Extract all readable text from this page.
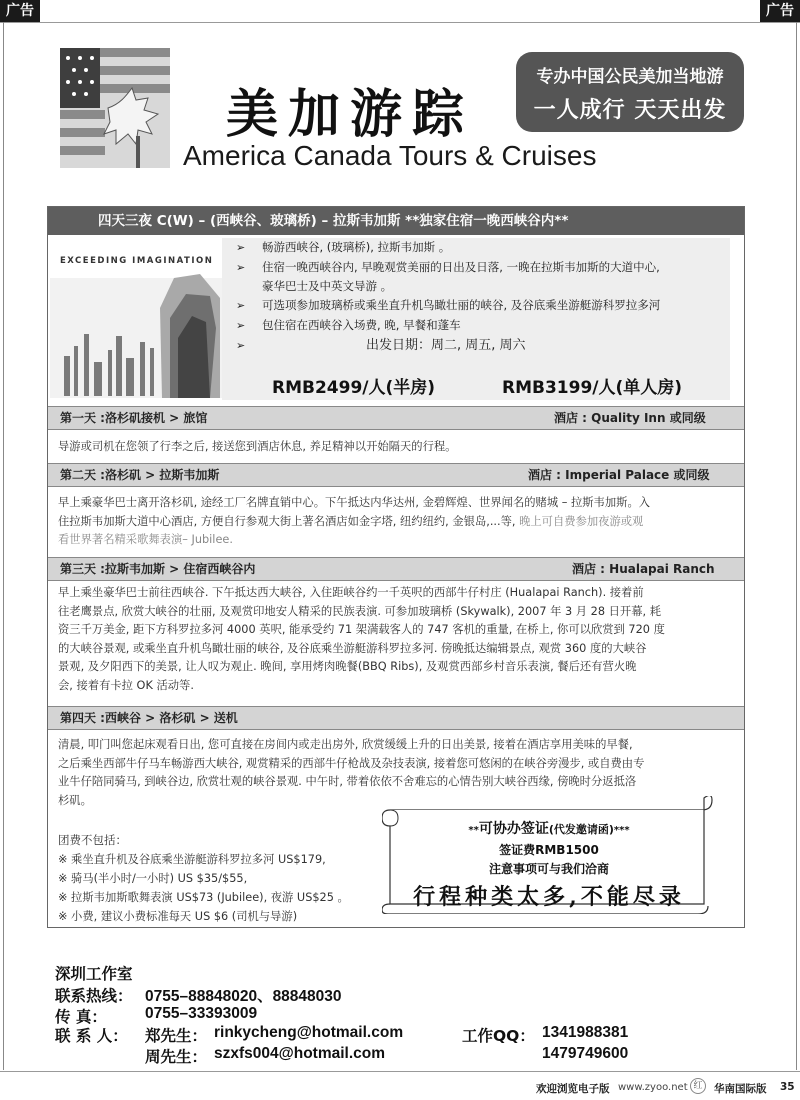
广告	广告
美加游踪
专办中国公民美加当地游
一人成行 天天出发
America Canada Tours & Cruises
四天三夜 C(W) – (西峡谷、玻璃桥) – 拉斯韦加斯 **独家住宿一晚西峡谷内**
EXCEEDING IMAGINATION
➢ 畅游西峡谷, (玻璃桥), 拉斯韦加斯 。
➢ 住宿一晚西峡谷内, 早晚观赏美丽的日出及日落, 一晚在拉斯韦加斯的大道中心,
豪华巴士及中英文导游 。
➢ 可选项参加玻璃桥或乘坐直升机鸟瞰壮丽的峡谷, 及谷底乘坐游艇游科罗拉多河
➢ 包住宿在西峡谷入场费, 晚, 早餐和蓬车
➢	出发日期：周二, 周五, 周六
RMB2499/人(半房)	RMB3199/人(单人房)
第一天 :洛杉矶接机 > 旅馆	酒店 : Quality Inn 或同级
导游或司机在您领了行李之后, 接送您到酒店休息, 养足精神以开始隔天的行程。
第二天 :洛杉矶 > 拉斯韦加斯	酒店 : Imperial Palace 或同级
早上乘豪华巴士离开洛杉矶, 途经工厂名牌直销中心。下午抵达内华达州, 金碧辉煌、世界闻名的赌城 – 拉斯韦加斯。入
住拉斯韦加斯大道中心酒店, 方便自行参观大街上著名酒店如金字塔, 纽约纽约, 金银岛,...等, 晚上可自费参加夜游或观
看世界著名精采歌舞表演– Jubilee.
第三天 :拉斯韦加斯 > 住宿西峡谷内	酒店 : Hualapai Ranch
早上乘坐豪华巴士前往西峡谷. 下午抵达西大峡谷, 入住距峡谷约一千英呎的西部牛仔村庄 (Hualapai Ranch). 接着前
往老鹰景点, 欣赏大峡谷的壮丽, 及观赏印地安人精采的民族表演. 可参加玻璃桥 (Skywalk), 2007 年 3 月 28 日开幕, 耗
资三千万美金, 距下方科罗拉多河 4000 英呎, 能承受约 71 架满载客人的 747 客机的重量, 在桥上, 你可以欣赏到 720 度
的大峡谷景观, 或乘坐直升机鸟瞰壮丽的峡谷, 及谷底乘坐游艇游科罗拉多河. 傍晚抵达编辑景点, 观赏 360 度的大峡谷
景观, 及夕阳西下的美景, 让人叹为观止. 晚间, 享用烤肉晚餐(BBQ Ribs), 及观赏西部乡村音乐表演, 餐后还有营火晚
会, 接着有卡拉 OK 活动等.
第四天 :西峡谷 > 洛杉矶 > 送机
清晨, 叩门叫您起床观看日出, 您可直接在房间内或走出房外, 欣赏缓缓上升的日出美景, 接着在酒店享用美味的早餐,
之后乘坐西部牛仔马车畅游西大峡谷, 观赏精采的西部牛仔枪战及杂技表演, 接着您可悠闲的在峡谷旁漫步, 或自费由专
业牛仔陪同骑马, 到峡谷边, 欣赏壮观的峡谷景观. 中午时, 带着依依不舍难忘的心情告别大峡谷西缘, 傍晚时分返抵洛
杉矶。
团费不包括：
※ 乘坐直升机及谷底乘坐游艇游科罗拉多河 US$179,
※ 骑马(半小时/一小时) US $35/$55,
※ 拉斯韦加斯歌舞表演 US$73 (Jubilee), 夜游 US$25 。
※ 小费, 建议小费标准每天 US $6 (司机与导游)
**可协办签证(代发邀请函)***
签证费RMB1500
注意事项可与我们洽商
行程种类太多,不能尽录
深圳工作室
联系热线： 0755–88848020、88848030
传 真： 0755–33393009
联 系 人： 郑先生： rinkycheng@hotmail.com	工作QQ： 1341988381
周先生： szxfs004@hotmail.com	1479749600
欢迎浏览电子版 www.zyoo.net 红	华南国际版 35
